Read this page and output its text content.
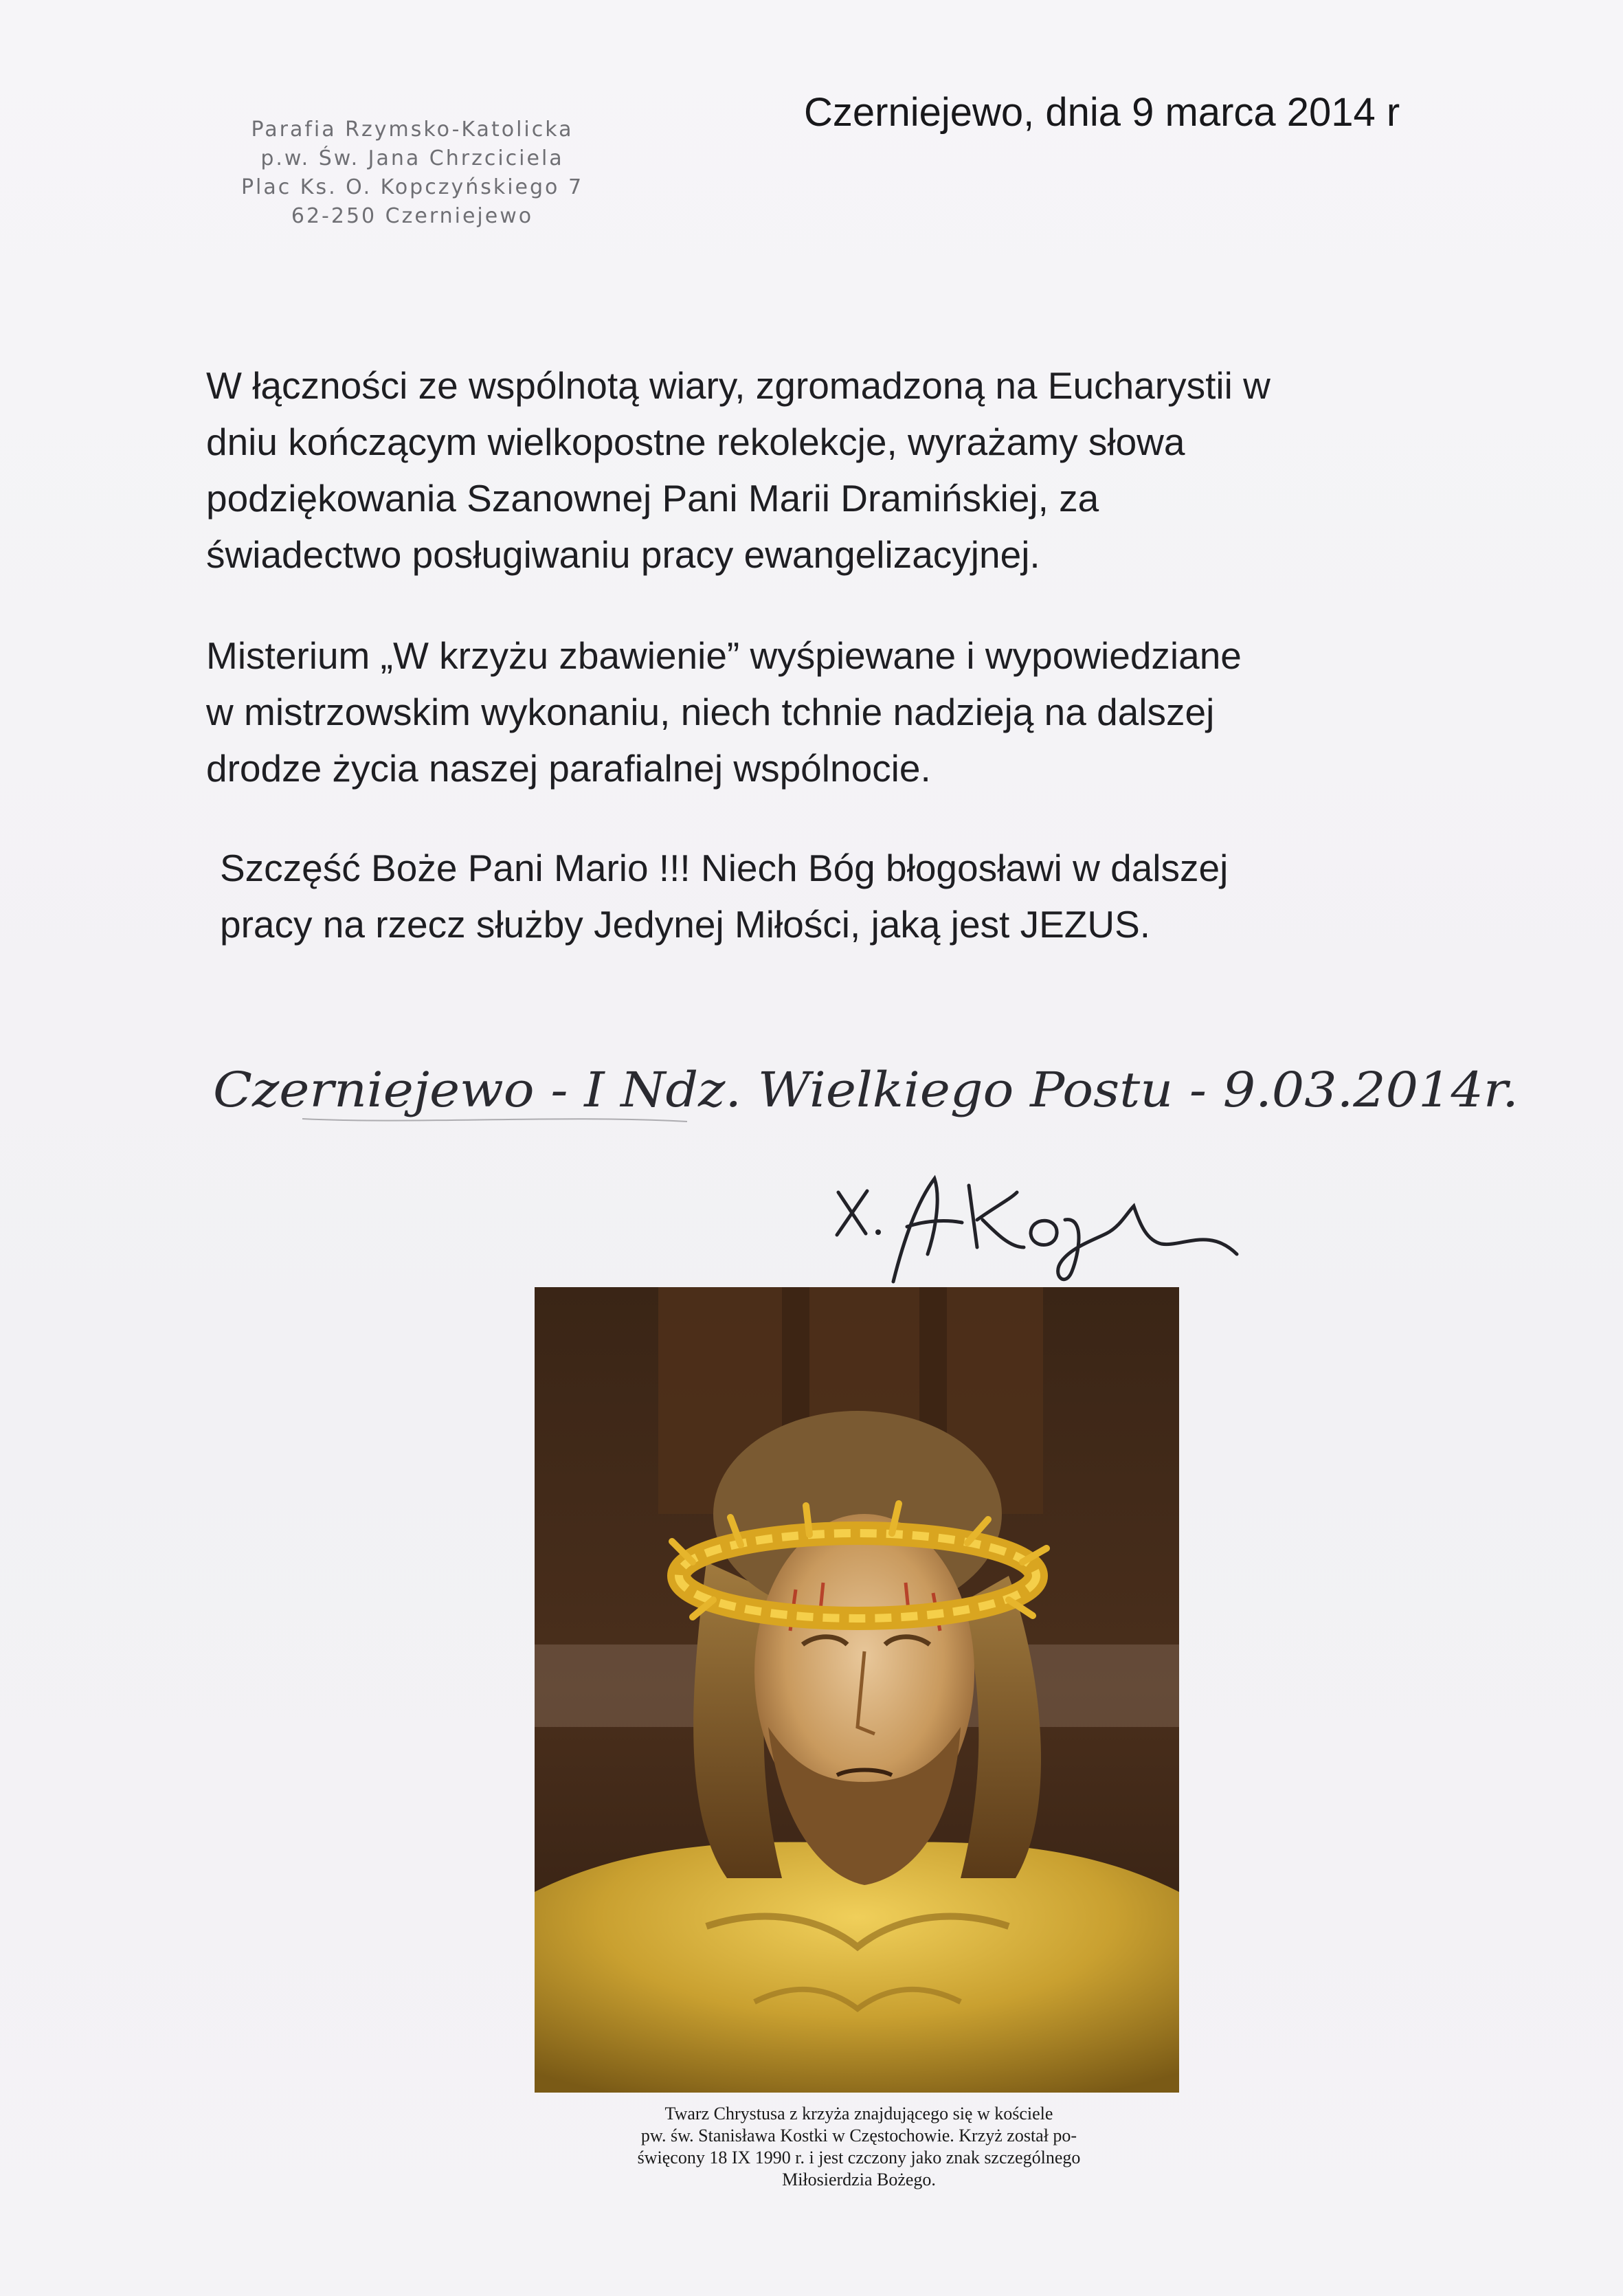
Parafia Rzymsko-Katolicka
p.w. Św. Jana Chrzciciela
Plac Ks. O. Kopczyńskiego 7
62-250 Czerniejewo
Czerniejewo, dnia 9 marca 2014 r

W łączności ze wspólnotą wiary, zgromadzoną na Eucharystii w

dniu kończącym wielkopostne rekolekcje, wyrażamy słowa

podziękowania Szanownej Pani Marii Dramińskiej, za

świadectwo posługiwaniu pracy ewangelizacyjnej.

Misterium „W krzyżu zbawienie” wyśpiewane i wypowiedziane

w mistrzowskim wykonaniu, niech tchnie nadzieją na dalszej

drodze życia naszej parafialnej wspólnocie.

Szczęść Boże Pani Mario !!! Niech Bóg błogosławi w dalszej

pracy na rzecz służby Jedynej Miłości, jaką jest JEZUS.

Czerniejewo - I Ndz. Wielkiego Postu - 9.03.2014r.
Twarz Chrystusa z krzyża znajdującego się w kościele
pw. św. Stanisława Kostki w Częstochowie. Krzyż został po-
święcony 18 IX 1990 r. i jest czczony jako znak szczególnego
Miłosierdzia Bożego.
